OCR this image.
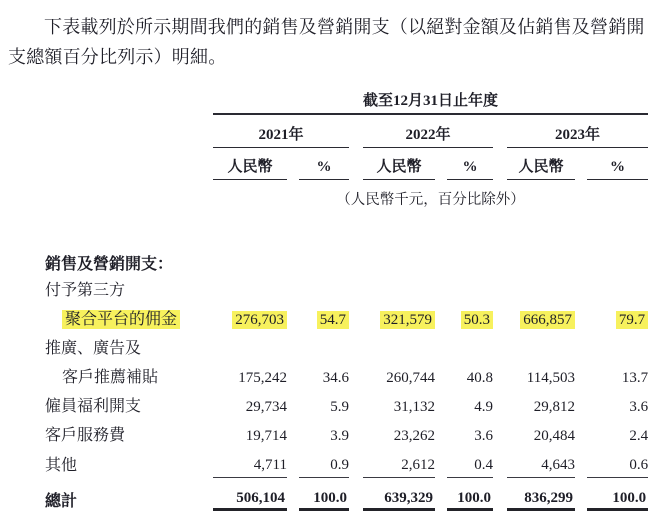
下表載列於所示期間我們的銷售及營銷開支（以絕對金額及佔銷售及營銷開支總額百分比列示）明細。

	截至12月31日止年度										
	2021年				2022年				2023年		
	人民幣		%		人民幣		%		人民幣		%
	（人民幣千元，百分比除外）										

銷售及營銷開支：											
付予第三方											
聚合平台的佣金	276,703		54.7		321,579		50.3		666,857		79.7
推廣、廣告及											
客戶推薦補貼	175,242		34.6		260,744		40.8		114,503		13.7
僱員福利開支	29,734		5.9		31,132		4.9		29,812		3.6
客戶服務費	19,714		3.9		23,262		3.6		20,484		2.4
其他	4,711		0.9		2,612		0.4		4,643		0.6
總計	506,104		100.0		639,329		100.0		836,299		100.0
